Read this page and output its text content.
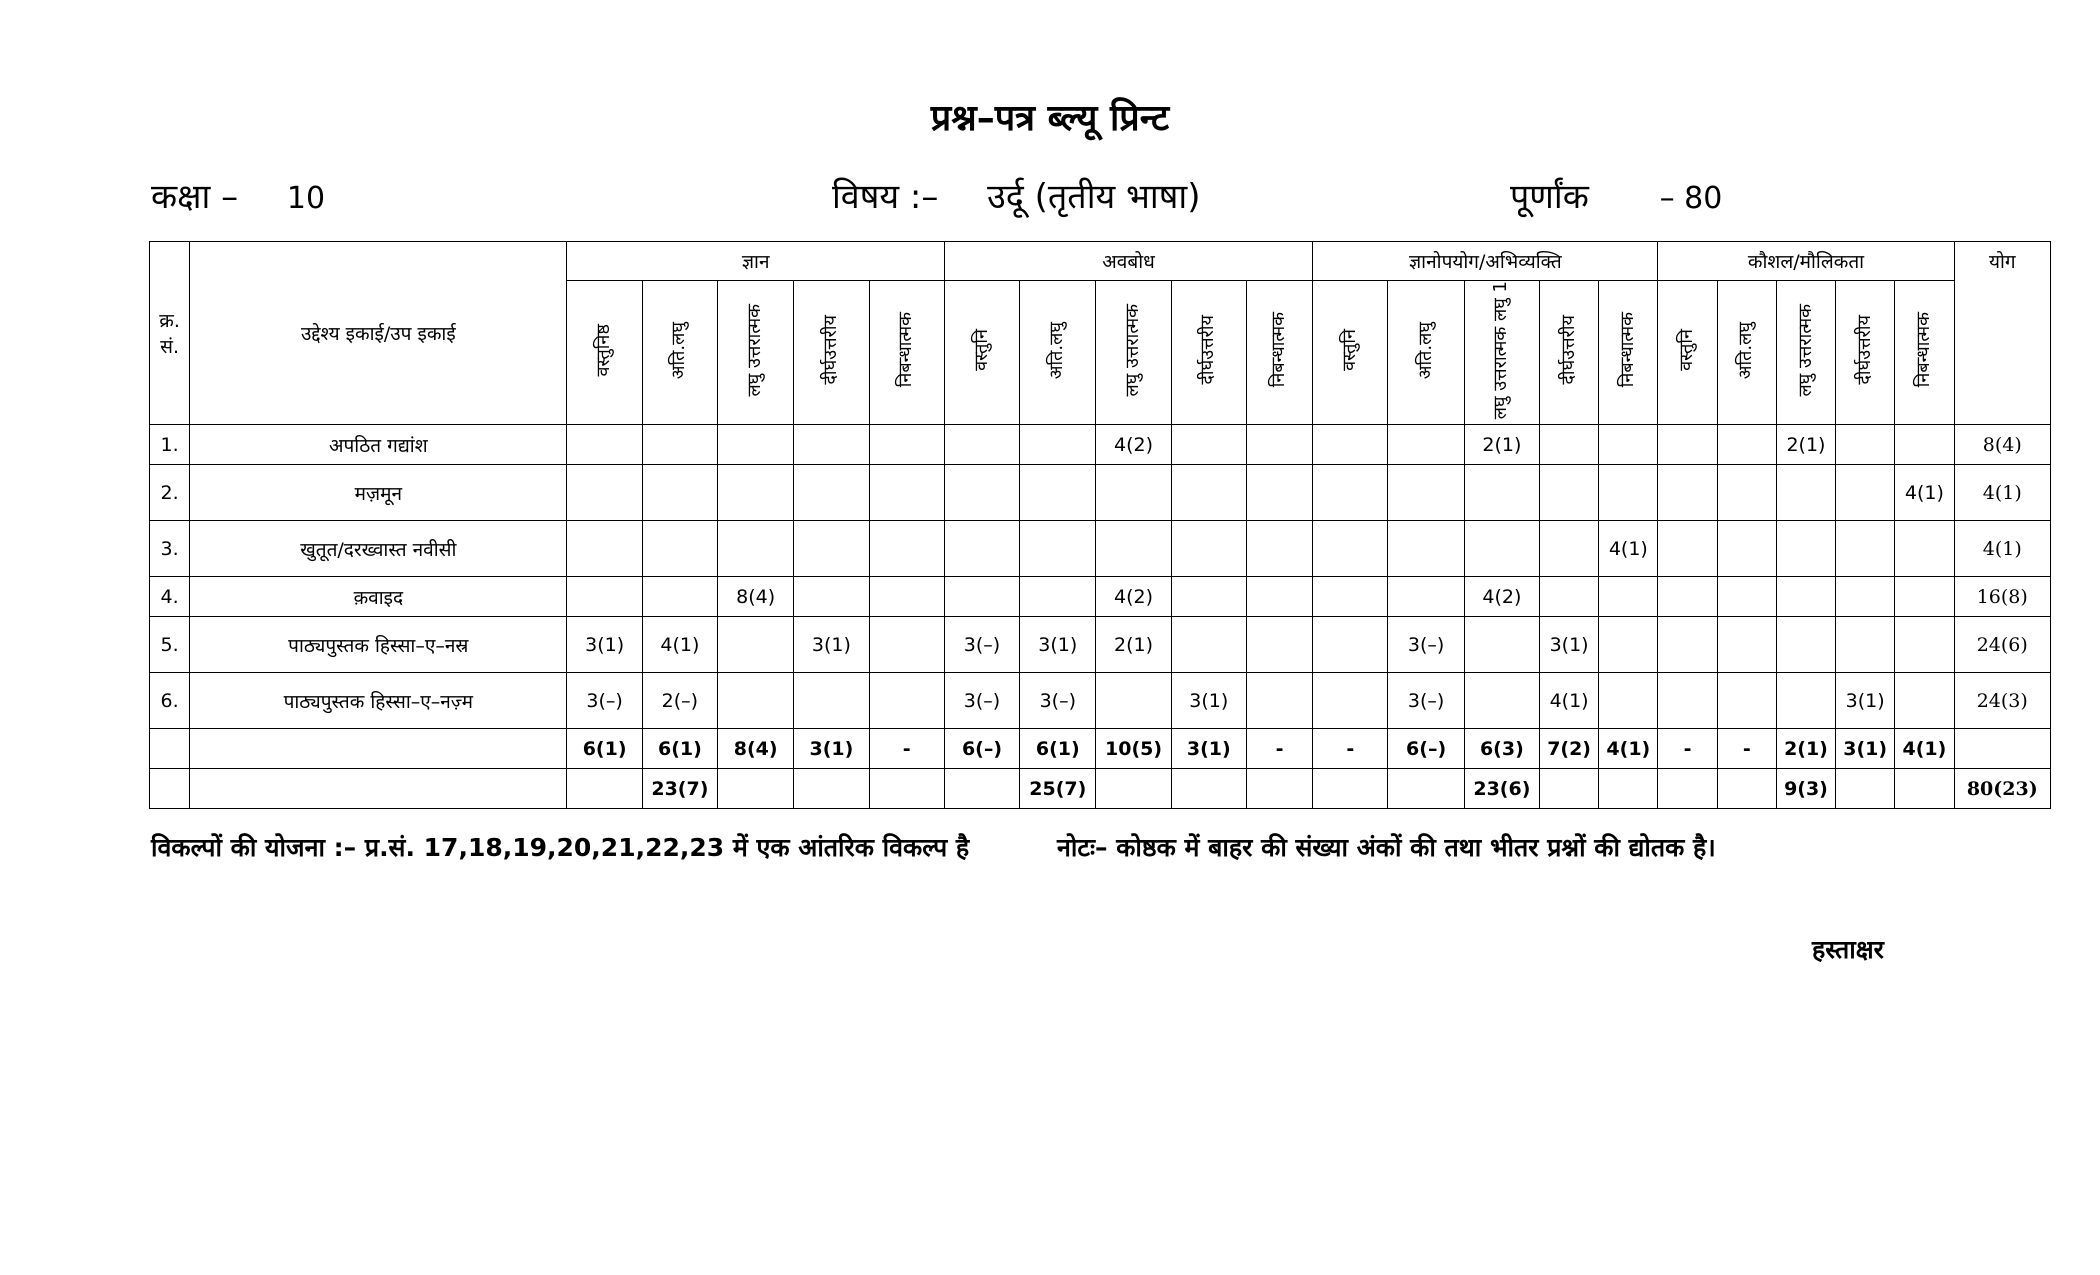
प्रश्न–पत्र ब्ल्यू प्रिन्ट
कक्षा – 10	विषय :– उर्दू (तृतीय भाषा)	पूर्णांक – 80
क्र. सं.	उद्देश्य इकाई/उप इकाई	ज्ञान					अवबोध					ज्ञानोपयोग/अभिव्यक्ति					कौशल/मौलिकता					योग
		वस्तुनिष्ठ	अति.लघु	लघु उत्तरात्मक	दीर्घउत्तरीय	निबन्धात्मक	वस्तुनि	अति.लघु	लघु उत्तरात्मक	दीर्घउत्तरीय	निबन्धात्मक	वस्तुनि	अति.लघु	लघु उत्तरात्मक लघु 1	दीर्घउत्तरीय	निबन्धात्मक	वस्तुनि	अति.लघु	लघु उत्तरात्मक	दीर्घउत्तरीय	निबन्धात्मक	
1.	अपठित गद्यांश								4(2)					2(1)					2(1)			8(4)
2.	मज़मून																				4(1)	4(1)
3.	खुतूत/दरख्वास्त नवीसी															4(1)						4(1)
4.	क़वाइद			8(4)					4(2)					4(2)								16(8)
5.	पाठ्यपुस्तक हिस्सा–ए–नस्र	3(1)	4(1)		3(1)		3(–)	3(1)	2(1)				3(–)		3(1)							24(6)
6.	पाठ्यपुस्तक हिस्सा–ए–नज़्म	3(–)	2(–)				3(–)	3(–)		3(1)			3(–)		4(1)					3(1)		24(3)
		6(1)	6(1)	8(4)	3(1)	-	6(–)	6(1)	10(5)	3(1)	-	-	6(–)	6(3)	7(2)	4(1)	-	-	2(1)	3(1)	4(1)	
			23(7)					25(7)						23(6)					9(3)			80(23)
विकल्पों की योजना :– प्र.सं. 17,18,19,20,21,22,23 में एक आंतरिक विकल्प है	नोटः– कोष्ठक में बाहर की संख्या अंकों की तथा भीतर प्रश्नों की द्योतक है।
हस्ताक्षर
